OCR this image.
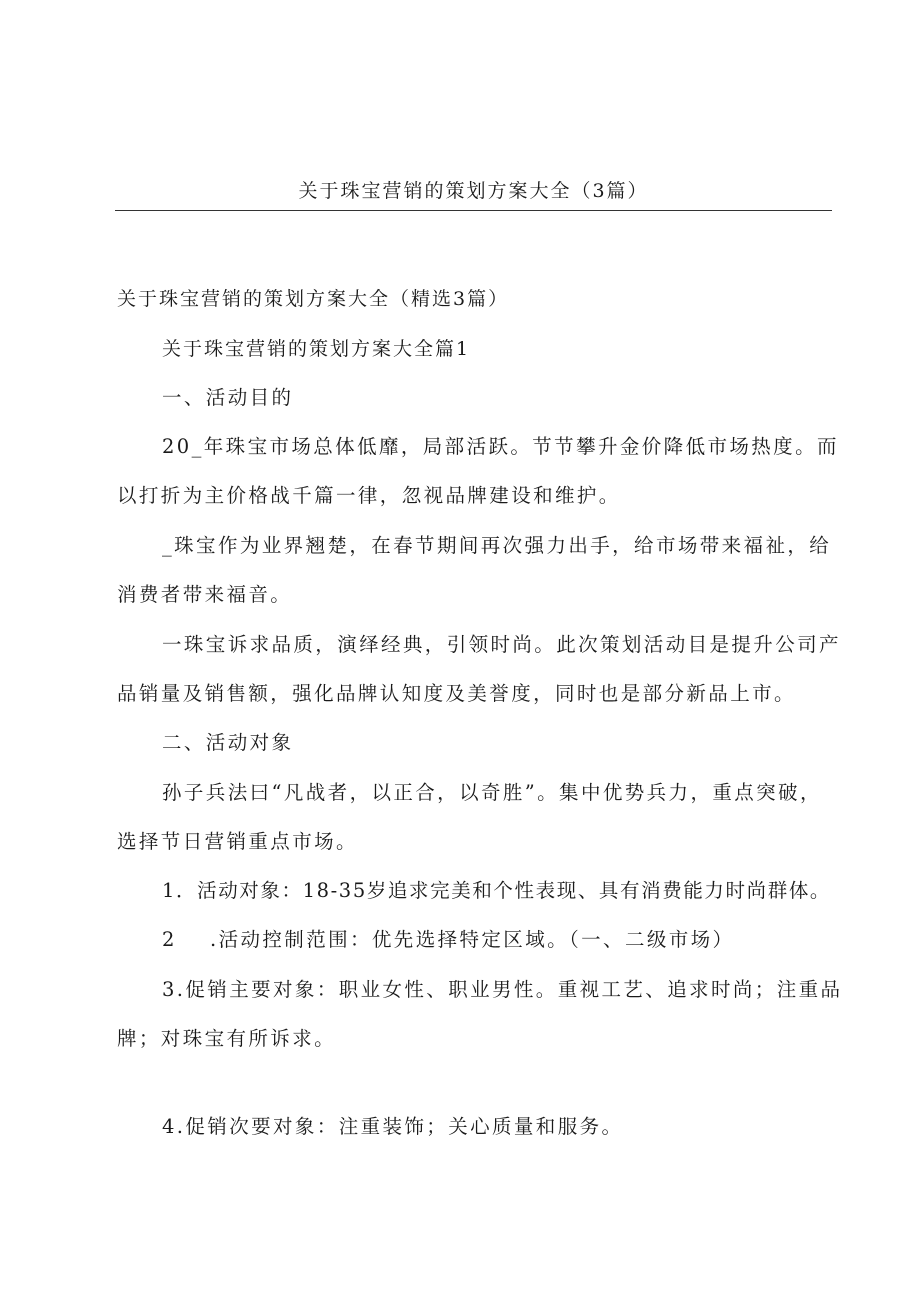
关于珠宝营销的策划方案大全（3篇）
关于珠宝营销的策划方案大全（精选3篇）
关于珠宝营销的策划方案大全篇1
一、活动目的
20_年珠宝市场总体低靡，局部活跃。节节攀升金价降低市场热度。而
以打折为主价格战千篇一律，忽视品牌建设和维护。
_珠宝作为业界翘楚，在春节期间再次强力出手，给市场带来福祉，给
消费者带来福音。
一珠宝诉求品质，演绎经典，引领时尚。此次策划活动目是提升公司产
品销量及销售额，强化品牌认知度及美誉度，同时也是部分新品上市。
二、活动对象
孙子兵法曰“凡战者，以正合，以奇胜”。集中优势兵力，重点突破，
选择节日营销重点市场。
1．活动对象：18-35岁追求完美和个性表现、具有消费能力时尚群体。
2 .活动控制范围：优先选择特定区域。（一、二级市场）
3.促销主要对象：职业女性、职业男性。重视工艺、追求时尚；注重品
牌；对珠宝有所诉求。
4.促销次要对象：注重装饰；关心质量和服务。
